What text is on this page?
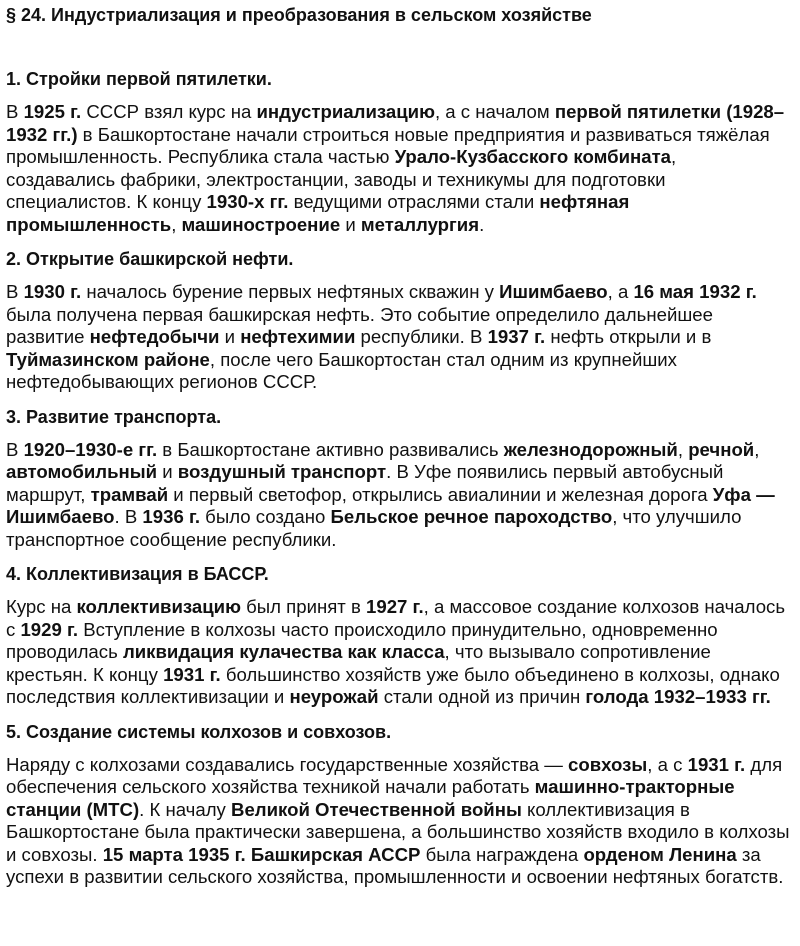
§ 24. Индустриализация и преобразования в сельском хозяйстве
1. Стройки первой пятилетки.

В 1925 г. СССР взял курс на индустриализацию, а с началом первой пятилетки (1928–1932 гг.) в Башкортостане начали строиться новые предприятия и развиваться тяжёлая промышленность. Республика стала частью Урало-Кузбасского комбината, создавались фабрики, электростанции, заводы и техникумы для подготовки специалистов. К концу 1930-х гг. ведущими отраслями стали нефтяная промышленность, машиностроение и металлургия.

2. Открытие башкирской нефти.

В 1930 г. началось бурение первых нефтяных скважин у Ишимбаево, а 16 мая 1932 г. была получена первая башкирская нефть. Это событие определило дальнейшее развитие нефтедобычи и нефтехимии республики. В 1937 г. нефть открыли и в Туймазинском районе, после чего Башкортостан стал одним из крупнейших нефтедобывающих регионов СССР.

3. Развитие транспорта.

В 1920–1930-е гг. в Башкортостане активно развивались железнодорожный, речной, автомобильный и воздушный транспорт. В Уфе появились первый автобусный маршрут, трамвай и первый светофор, открылись авиалинии и железная дорога Уфа — Ишимбаево. В 1936 г. было создано Бельское речное пароходство, что улучшило транспортное сообщение республики.

4. Коллективизация в БАССР.

Курс на коллективизацию был принят в 1927 г., а массовое создание колхозов началось с 1929 г. Вступление в колхозы часто происходило принудительно, одновременно проводилась ликвидация кулачества как класса, что вызывало сопротивление крестьян. К концу 1931 г. большинство хозяйств уже было объединено в колхозы, однако последствия коллективизации и неурожай стали одной из причин голода 1932–1933 гг.

5. Создание системы колхозов и совхозов.

Наряду с колхозами создавались государственные хозяйства — совхозы, а с 1931 г. для обеспечения сельского хозяйства техникой начали работать машинно-тракторные станции (МТС). К началу Великой Отечественной войны коллективизация в Башкортостане была практически завершена, а большинство хозяйств входило в колхозы и совхозы. 15 марта 1935 г. Башкирская АССР была награждена орденом Ленина за успехи в развитии сельского хозяйства, промышленности и освоении нефтяных богатств.
